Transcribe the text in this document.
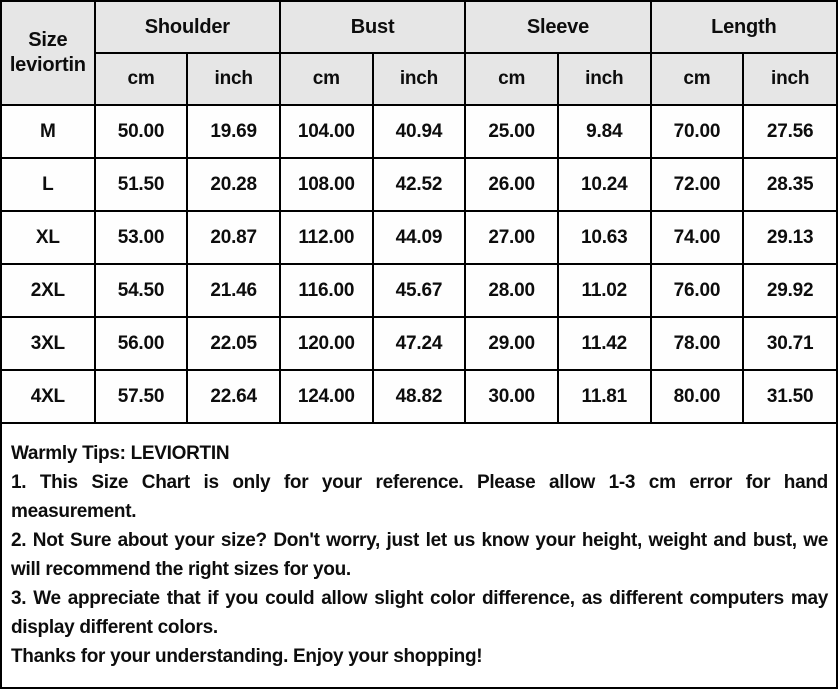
Size
leviortin	Shoulder		Bust		Sleeve		Length	
	cm	inch	cm	inch	cm	inch	cm	inch
M	50.00	19.69	104.00	40.94	25.00	9.84	70.00	27.56
L	51.50	20.28	108.00	42.52	26.00	10.24	72.00	28.35
XL	53.00	20.87	112.00	44.09	27.00	10.63	74.00	29.13
2XL	54.50	21.46	116.00	45.67	28.00	11.02	76.00	29.92
3XL	56.00	22.05	120.00	47.24	29.00	11.42	78.00	30.71
4XL	57.50	22.64	124.00	48.82	30.00	11.81	80.00	31.50

Warmly Tips: LEVIORTIN

1. This Size Chart is only for your reference. Please allow 1-3 cm error for hand measurement.

2. Not Sure about your size? Don't worry, just let us know your height, weight and bust, we will recommend the right sizes for you.

3. We appreciate that if you could allow slight color difference, as different computers may display different colors.

Thanks for your understanding. Enjoy your shopping!
